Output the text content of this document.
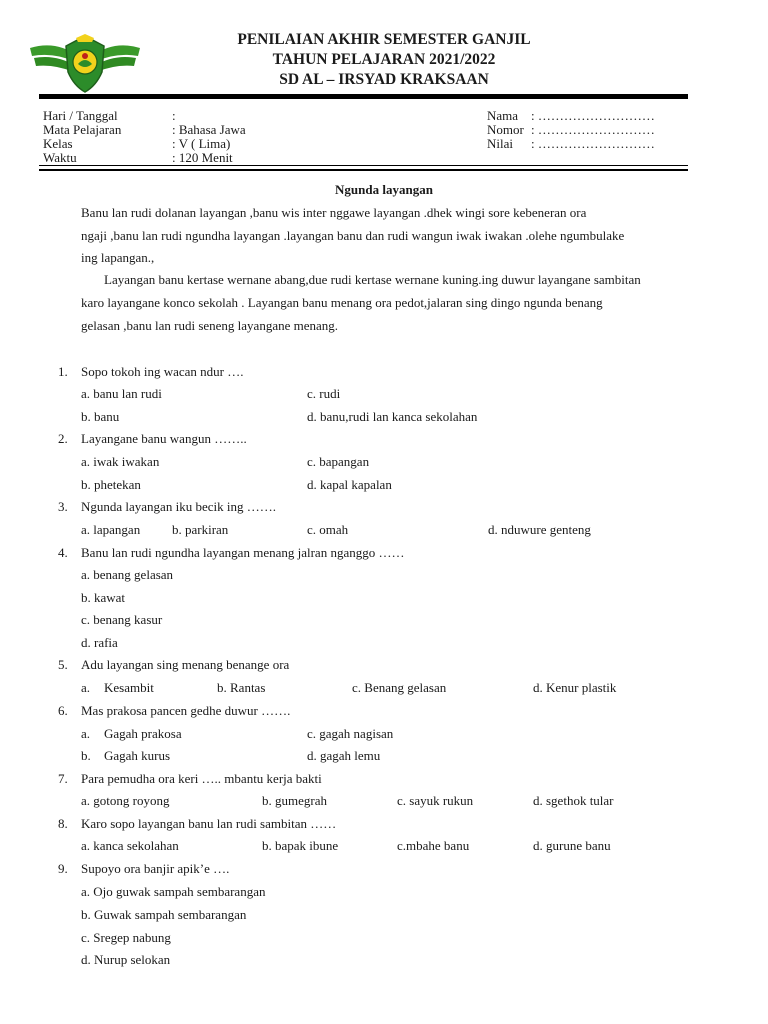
PENILAIAN AKHIR SEMESTER GANJIL
TAHUN PELAJARAN 2021/2022
SD AL – IRSYAD KRAKSAAN
Hari / Tanggal	:
Mata Pelajaran	: Bahasa Jawa
Kelas	: V ( Lima)
Waktu	: 120 Menit
Nama : ………………………
Nomor : ………………………
Nilai : ………………………
Ngunda layangan
Banu lan rudi dolanan layangan ,banu wis inter nggawe layangan .dhek wingi sore kebeneran ora
ngaji ,banu lan rudi ngundha layangan .layangan banu dan rudi wangun iwak iwakan .olehe ngumbulake
ing lapangan.,
Layangan banu kertase wernane abang,due rudi kertase wernane kuning.ing duwur layangane sambitan
karo layangane konco sekolah . Layangan banu menang ora pedot,jalaran sing dingo ngunda benang
gelasan ,banu lan rudi seneng layangane menang.
1. Sopo tokoh ing wacan ndur ….
a. banu lan rudi
b. banu
c. rudi
d. banu,rudi lan kanca sekolahan
2. Layangane banu wangun ……..
a. iwak iwakan
b. phetekan
c. bapangan
d. kapal kapalan
3. Ngunda layangan iku becik ing …….
a. lapangan b. parkiran	c. omah	d. nduwure genteng
4. Banu lan rudi ngundha layangan menang jalran nganggo ……
a. benang gelasan
b. kawat
c. benang kasur
d. rafia
5. Adu layangan sing menang benange ora
a. Kesambit	b. Rantas	c. Benang gelasan	d. Kenur plastik
6. Mas prakosa pancen gedhe duwur …….
a. Gagah prakosa
b. Gagah kurus
c. gagah nagisan
d. gagah lemu
7. Para pemudha ora keri ….. mbantu kerja bakti
a. gotong royong	b. gumegrah	c. sayuk rukun	d. sgethok tular
8. Karo sopo layangan banu lan rudi sambitan ……
a. kanca sekolahan	b. bapak ibune	c.mbahe banu	d. gurune banu
9. Supoyo ora banjir apik’e ….
a. Ojo guwak sampah sembarangan
b. Guwak sampah sembarangan
c. Sregep nabung
d. Nurup selokan
